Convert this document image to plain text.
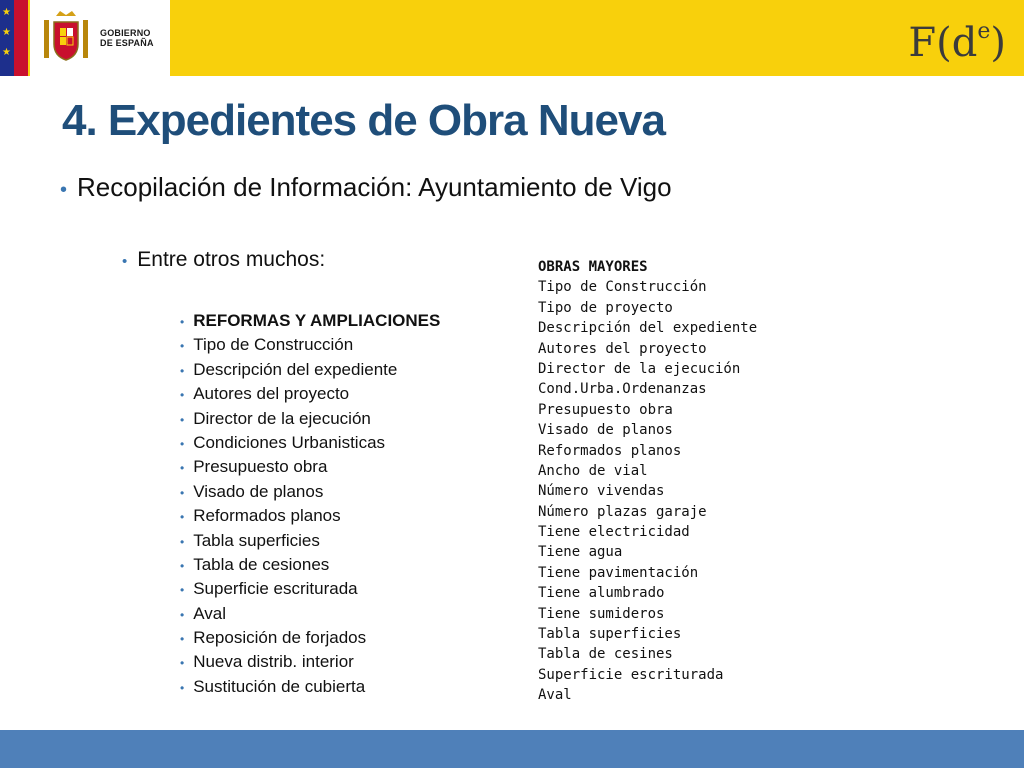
★
★
★
GOBIERNO
DE ESPAÑA	$F(d^e)$
4. Expedientes de Obra Nueva
• Recopilación de Información: Ayuntamiento de Vigo
• Entre otros muchos:
• REFORMAS Y AMPLIACIONES
• Tipo de Construcción
• Descripción del expediente
• Autores del proyecto
• Director de la ejecución
• Condiciones Urbanisticas
• Presupuesto obra
• Visado de planos
• Reformados planos
• Tabla superficies
• Tabla de cesiones
• Superficie escriturada
• Aval
• Reposición de forjados
• Nueva distrib. interior
• Sustitución de cubierta
OBRAS MAYORES
Tipo de Construcción
Tipo de proyecto
Descripción del expediente
Autores del proyecto
Director de la ejecución
Cond.Urba.Ordenanzas
Presupuesto obra
Visado de planos
Reformados planos
Ancho de vial
Número vivendas
Número plazas garaje
Tiene electricidad
Tiene agua
Tiene pavimentación
Tiene alumbrado
Tiene sumideros
Tabla superficies
Tabla de cesines
Superficie escriturada
Aval
